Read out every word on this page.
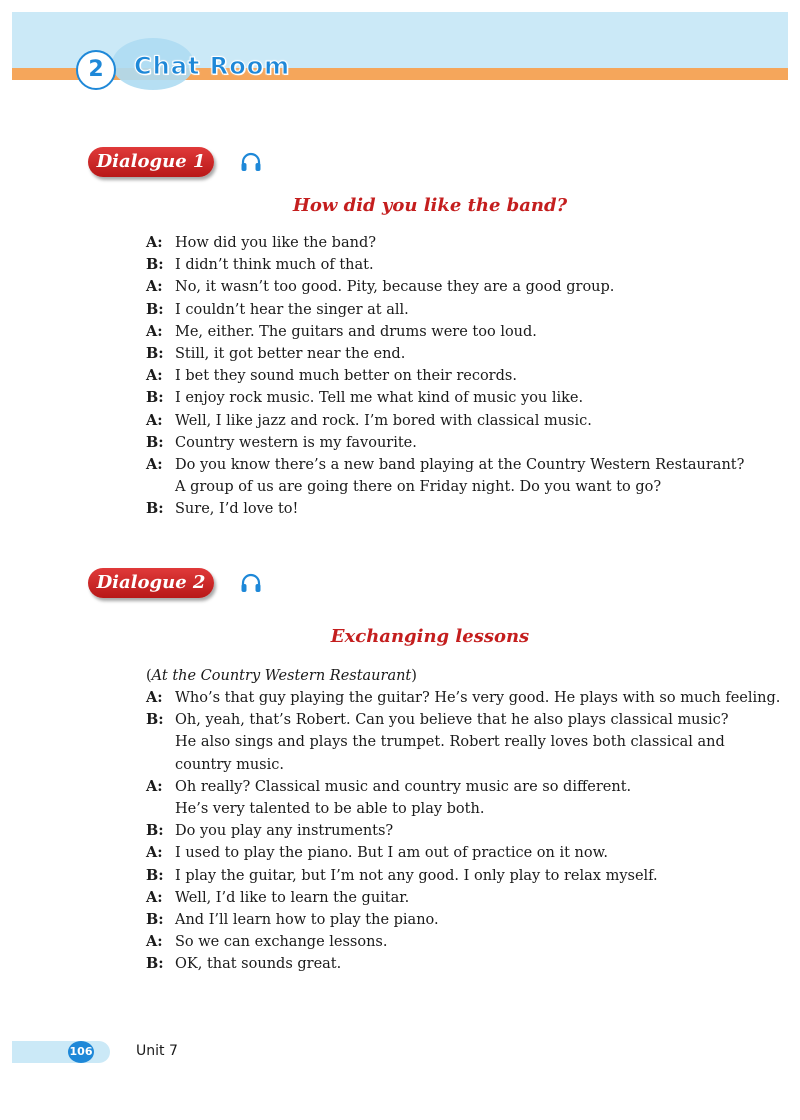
2	Chat Room
Dialogue 1
How did you like the band?
A: How did you like the band?
B: I didn’t think much of that.
A: No, it wasn’t too good. Pity, because they are a good group.
B: I couldn’t hear the singer at all.
A: Me, either. The guitars and drums were too loud.
B: Still, it got better near the end.
A: I bet they sound much better on their records.
B: I enjoy rock music. Tell me what kind of music you like.
A: Well, I like jazz and rock. I’m bored with classical music.
B: Country western is my favourite.
A: Do you know there’s a new band playing at the Country Western Restaurant?
A group of us are going there on Friday night. Do you want to go?
B: Sure, I’d love to!
Dialogue 2
Exchanging lessons
(At the Country Western Restaurant)
A: Who’s that guy playing the guitar? He’s very good. He plays with so much feeling.
B: Oh, yeah, that’s Robert. Can you believe that he also plays classical music?
He also sings and plays the trumpet. Robert really loves both classical and
country music.
A: Oh really? Classical music and country music are so different.
He’s very talented to be able to play both.
B: Do you play any instruments?
A: I used to play the piano. But I am out of practice on it now.
B: I play the guitar, but I’m not any good. I only play to relax myself.
A: Well, I’d like to learn the guitar.
B: And I’ll learn how to play the piano.
A: So we can exchange lessons.
B: OK, that sounds great.
106	Unit 7
